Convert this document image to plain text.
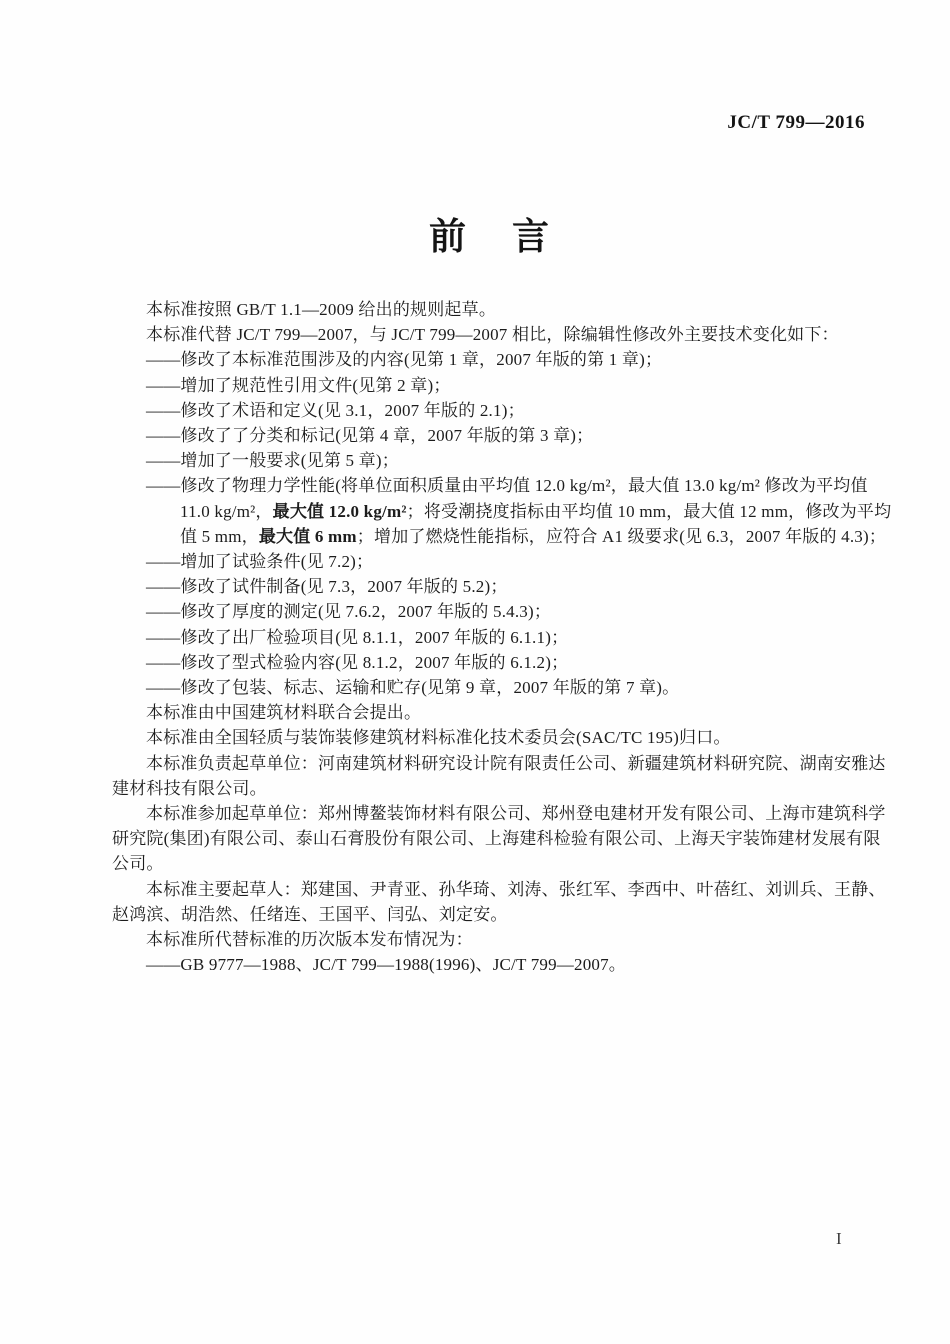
JC/T 799—2016
前 言
本标准按照 GB/T 1.1—2009 给出的规则起草。
本标准代替 JC/T 799—2007，与 JC/T 799—2007 相比，除编辑性修改外主要技术变化如下：
——修改了本标准范围涉及的内容(见第 1 章，2007 年版的第 1 章)；
——增加了规范性引用文件(见第 2 章)；
——修改了术语和定义(见 3.1，2007 年版的 2.1)；
——修改了了分类和标记(见第 4 章，2007 年版的第 3 章)；
——增加了一般要求(见第 5 章)；
——修改了物理力学性能(将单位面积质量由平均值 12.0 kg/m²，最大值 13.0 kg/m² 修改为平均值
11.0 kg/m²，最大值 12.0 kg/m²；将受潮挠度指标由平均值 10 mm，最大值 12 mm，修改为平均
值 5 mm，最大值 6 mm；增加了燃烧性能指标，应符合 A1 级要求(见 6.3，2007 年版的 4.3)；
——增加了试验条件(见 7.2)；
——修改了试件制备(见 7.3，2007 年版的 5.2)；
——修改了厚度的测定(见 7.6.2，2007 年版的 5.4.3)；
——修改了出厂检验项目(见 8.1.1，2007 年版的 6.1.1)；
——修改了型式检验内容(见 8.1.2，2007 年版的 6.1.2)；
——修改了包装、标志、运输和贮存(见第 9 章，2007 年版的第 7 章)。
本标准由中国建筑材料联合会提出。
本标准由全国轻质与装饰装修建筑材料标准化技术委员会(SAC/TC 195)归口。
本标准负责起草单位：河南建筑材料研究设计院有限责任公司、新疆建筑材料研究院、湖南安雅达
建材科技有限公司。
本标准参加起草单位：郑州博鳌装饰材料有限公司、郑州登电建材开发有限公司、上海市建筑科学
研究院(集团)有限公司、泰山石膏股份有限公司、上海建科检验有限公司、上海天宇装饰建材发展有限
公司。
本标准主要起草人：郑建国、尹青亚、孙华琦、刘涛、张红军、李西中、叶蓓红、刘训兵、王静、
赵鸿滨、胡浩然、任绪连、王国平、闫弘、刘定安。
本标准所代替标准的历次版本发布情况为：
——GB 9777—1988、JC/T 799—1988(1996)、JC/T 799—2007。
I
